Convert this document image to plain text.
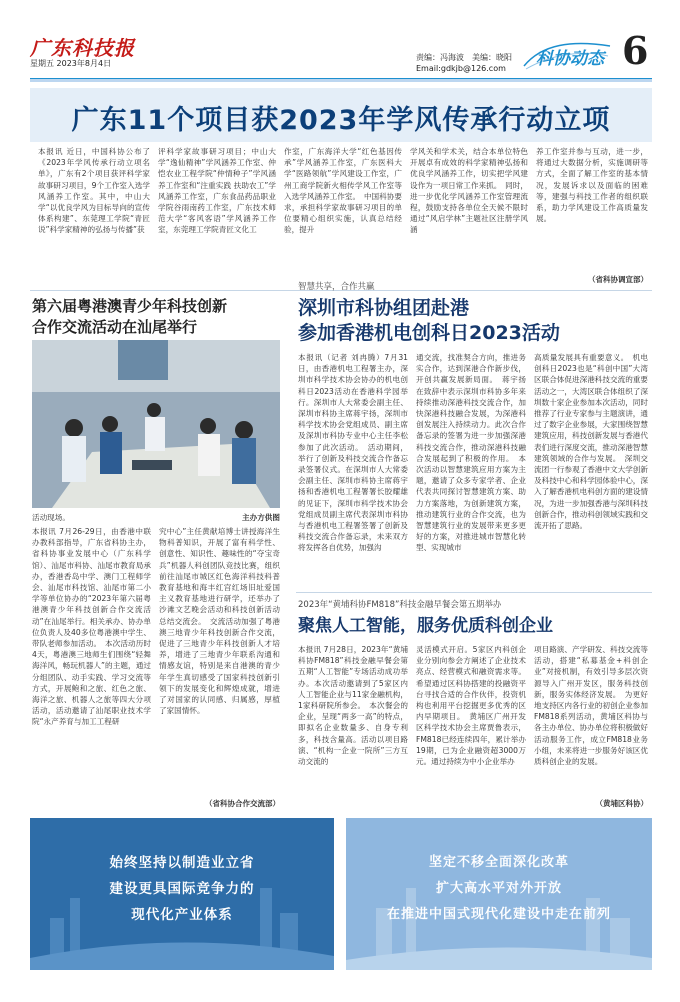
广东科技报
星期五 2023年8月4日
责编：冯海波　美编：晓阳
Email:gdkjb@126.com	科协动态 6
广东11个项目获2023年学风传承行动立项
本报讯 近日，中国科协公布了《2023年学风传承行动立项名单》，广东有2个项目获评科学家故事研习项目，9个工作室入选学风涵养工作室。其中，中山大学“以优良学风为目标导向的宣传体系构建”、东莞理工学院“青匠说”科学家精神的弘扬与传播”获
评科学家故事研习项目；中山大学“逸仙精神”学风涵养工作室、仲恺农业工程学院“仲情种子”学风涵养工作室和“注重实践 扶助农工”学风涵养工作室，广东食品药品职业学院谷雨南药工作室，广东技术师范大学“客风客语”学风涵养工作室，东莞理工学院青匠文化工
作室，广东海洋大学“红色基因传承”学风涵养工作室，广东医科大学“医路领航”学风建设工作室，广州工商学院新火相传学风工作室等入选学风涵养工作室。　中国科协要求，承担科学家故事研习项目的单位要精心组织实施，认真总结经验，提升
学风关和学术关，结合本单位特色开展卓有成效的科学家精神弘扬和优良学风涵养工作，切实把学风建设作为一项日常工作来抓。　同时，进一步优化学风涵养工作室管理流程，鼓励支持各单位全天候不限时通过“风启学林”主题社区注册学风涵
养工作室并参与互动，进一步，将通过大数据分析，实施调研等方式，全面了解工作室的基本情况，发展诉求以及面临的困难等，建强与科技工作者的组织联系，助力学风建设工作高质量发展。
（省科协调宣部）
第六届粤港澳青少年科技创新
合作交流活动在汕尾举行
活动现场。	主办方供图
本报讯 7月26-29日，由香港中联办教科部指导，广东省科协主办，省科协事业发展中心（广东科学馆）、汕尾市科协、汕尾市教育局承办，香港香岛中学、澳门工程师学会、汕尾市科技馆、汕尾市第二小学等单位协办的“2023年第六届粤港澳青少年科技创新合作交流活动”在汕尾举行。相关承办、协办单位负责人及40多位粤港澳中学生、带队老师参加活动。　本次活动历时4天，粤港澳三地师生们围绕“轻舞海洋风，畅玩机器人”的主题，通过分组团队、动手实践、学习交流等方式，开展鲍和之旅、红色之旅、海洋之旅、机器人之旅等四大分项活动，活动邀请了汕尾职业技术学院“永产养育与加工工程研
究中心”主任黄献培博士讲授海洋生物科普知识，开展了富有科学性、创意性、知识性、趣味性的“夺宝奇兵”机器人科创团队竞技比赛，组织前往汕尾市城区红色海洋科技科普教育基地和海丰红宫红场旧址爱国主义教育基地进行研学，还举办了沙滩文艺晚会活动和科技创新活动总结交流会。　交流活动加强了粤港澳三地青少年科技创新合作交流，促进了三地青少年科技创新人才培养，增进了三地青少年联系沟通和情感友谊，特别是来自港澳的青少年学生真切感受了国家科技创新引领下的发展变化和辉煌成就，增进了对国家的认同感、归属感，厚植了家国情怀。
（省科协合作交流部）
智慧共享，合作共赢
深圳市科协组团赴港
参加香港机电创科日2023活动
本报讯（记者 刘冉腾）7月31日，由香港机电工程署主办，深圳市科学技术协会协办的机电创科日2023活动在香港科学园举行。深圳市人大常委会副主任、深圳市科协主席蒋宇扬，深圳市科学技术协会党组成员、副主席及深圳市科协专业中心主任李松参加了此次活动。　活动期间，举行了创新及科技交流合作备忘录签署仪式。在深圳市人大常委会副主任、深圳市科协主席蒋宇扬和香港机电工程署署长胶耀雄的见证下，深圳市科学技术协会党组成员副主席代表深圳市科协与香港机电工程署签署了创新及科技交流合作备忘录，未来双方将发挥各自优势，加强沟
通交流，找准契合方向，推进务实合作，达到深港合作新步伐，开创共赢发展新局面。　蒋宇扬在致辞中表示深圳市科协多年来持续推动深港科技交流合作，加快深港科技融合发展，为深港科创发展注入持续动力。此次合作备忘录的签署为进一步加强深港科技交流合作，推动深港科技融合发展起到了积极的作用。　本次活动以智慧建筑应用方案为主题，邀请了众多专家学者、企业代表共同探讨智慧建筑方案、助力方案落地，为创新建筑方案，推动建筑行业的合作交流，也为智慧建筑行业的发展带来更多更好的方案，对推进城市智慧化转型、实现城市
高质量发展具有重要意义。　机电创科日2023也是“科创中国”大湾区联合体促进深港科技交流的重要活动之一，大湾区联合体组织了深圳数十家企业参加本次活动，同时推荐了行业专家参与主题演讲，通过了数字企业参展，大家围绕智慧建筑应用，科技创新发展与香港代表们进行深度交流，推动深港智慧建筑领域的合作与发展。　深圳交流团一行参观了香港中文大学创新及科技中心和科学园体验中心，深入了解香港机电科创方面的建设情况，为进一步加强香港与深圳科技创新合作，推动科创领域实践和交流开拓了思路。
2023年“黄埔科协FM818”科技金融早餐会第五期举办
聚焦人工智能，服务优质科创企业
本报讯 7月28日，2023年“黄埔科协FM818”科技金融早餐会第五期“人工智能”专场活动成功举办。本次活动邀请到了5家区内人工智能企业与11家金融机构，1家科研院所参会。　本次餐会的企业，呈现“两多一高”的特点，即拟名企业数量多、自身专利多，科技含量高。活动以项目路演、“机构一企业一院所”三方互动交流的
灵活模式开启。5家区内科创企业分别向参会方阐述了企业技术亮点、经营模式和融资需求等。希望通过区科协搭建的投融资平台寻找合适的合作伙伴，投资机构也利用平台挖掘更多优秀的区内早期项目。　黄埔区广州开发区科学技术协会主席贾鲁表示，FM818已经连续四年，累计举办19期，已为企业融资超3000万元。通过持续为中小企业举办
项目路演、产学研发、科技交流等活动，搭建“私募基金+科创企业”对接机制，有效引导多层次资源导入广州开发区，服务科技创新，服务实体经济发展。　为更好地支持区内各行业的初创企业参加FM818系列活动，黄埔区科协与各主办单位、协办单位将积极做好活动服务工作，成立FM818业务小组，未来将进一步服务好该区优质科创企业的发展。
（黄埔区科协）
始终坚持以制造业立省
建设更具国际竞争力的
现代化产业体系
坚定不移全面深化改革
扩大高水平对外开放
在推进中国式现代化建设中走在前列
